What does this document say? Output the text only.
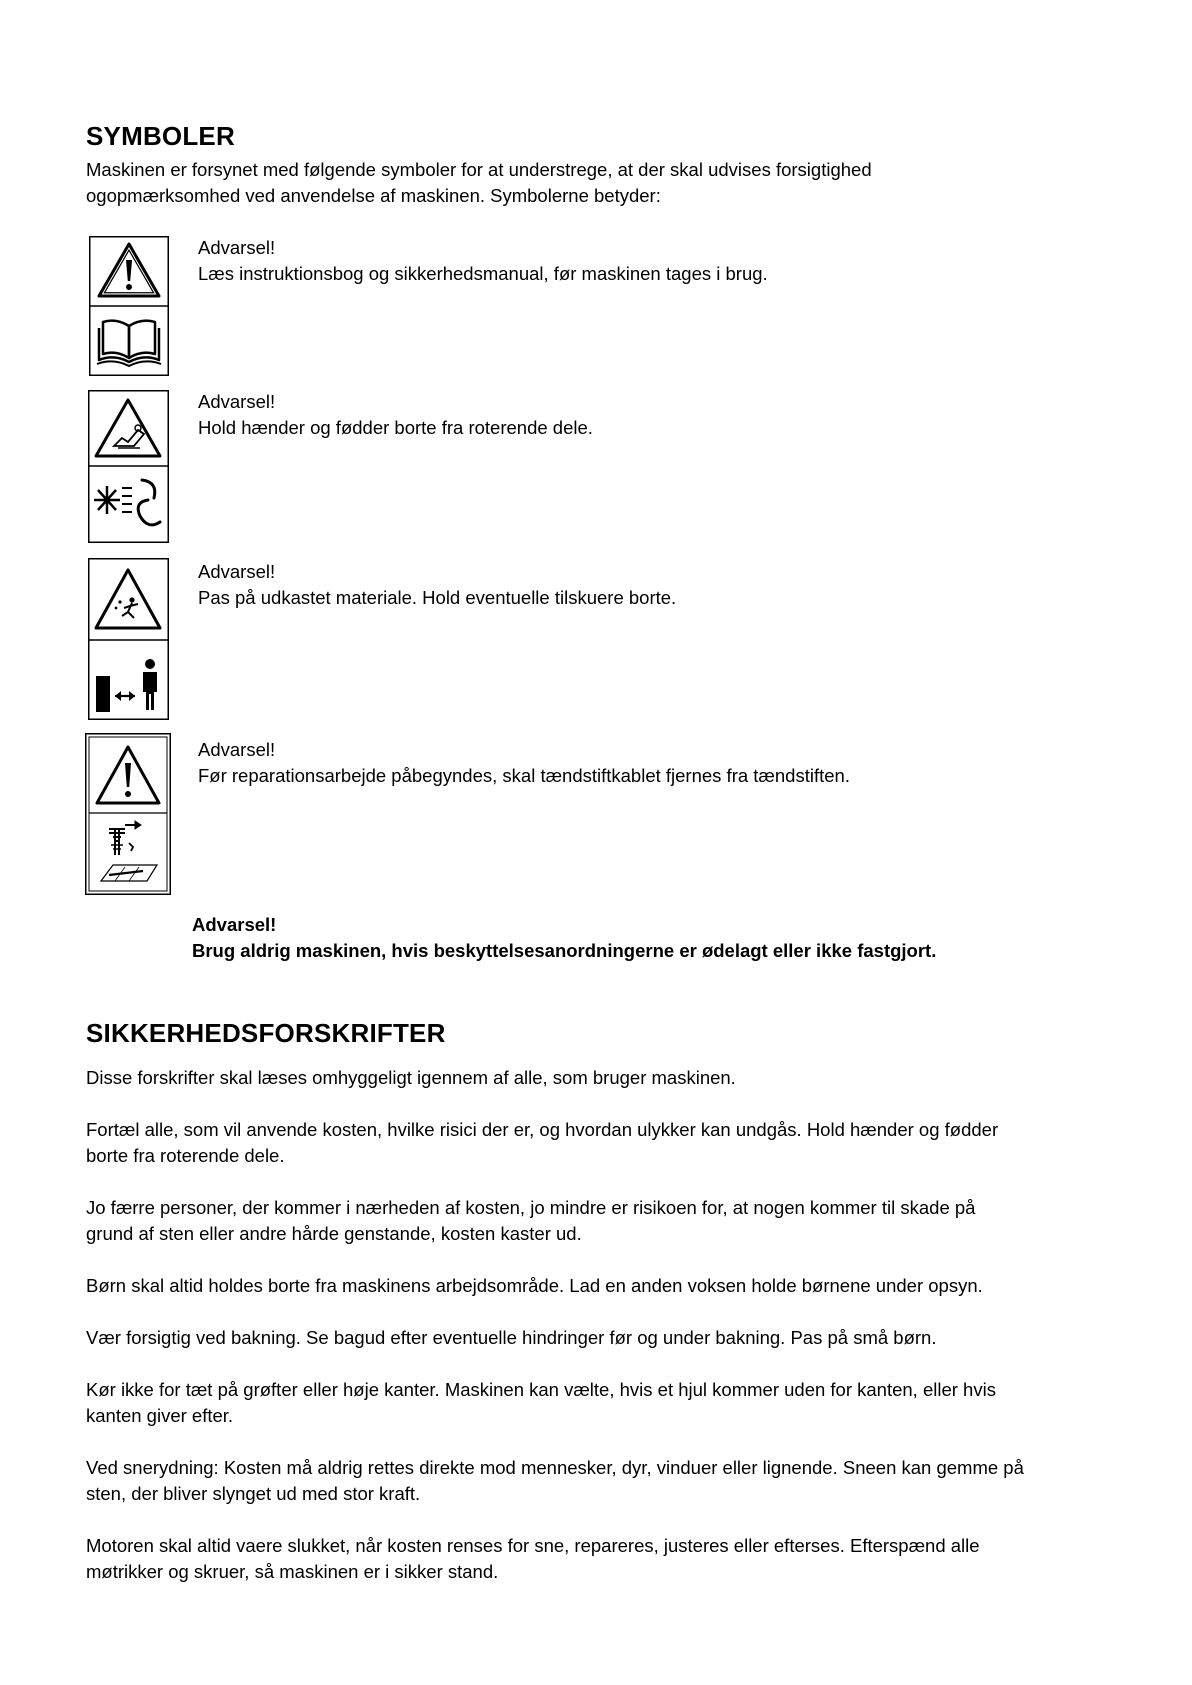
SYMBOLER
Maskinen er forsynet med følgende symboler for at understrege, at der skal udvises forsigtighed
ogopmærksomhed ved anvendelse af maskinen. Symbolerne betyder:
Advarsel!
Læs instruktionsbog og sikkerhedsmanual, før maskinen tages i brug.
Advarsel!
Hold hænder og fødder borte fra roterende dele.
Advarsel!
Pas på udkastet materiale. Hold eventuelle tilskuere borte.
Advarsel!
Før reparationsarbejde påbegyndes, skal tændstiftkablet fjernes fra tændstiften.
Advarsel!
Brug aldrig maskinen, hvis beskyttelsesanordningerne er ødelagt eller ikke fastgjort.
SIKKERHEDSFORSKRIFTER
Disse forskrifter skal læses omhyggeligt igennem af alle, som bruger maskinen.
Fortæl alle, som vil anvende kosten, hvilke risici der er, og hvordan ulykker kan undgås. Hold hænder og fødder
borte fra roterende dele.
Jo færre personer, der kommer i nærheden af kosten, jo mindre er risikoen for, at nogen kommer til skade på
grund af sten eller andre hårde genstande, kosten kaster ud.
Børn skal altid holdes borte fra maskinens arbejdsområde. Lad en anden voksen holde børnene under opsyn.
Vær forsigtig ved bakning. Se bagud efter eventuelle hindringer før og under bakning. Pas på små børn.
Kør ikke for tæt på grøfter eller høje kanter. Maskinen kan vælte, hvis et hjul kommer uden for kanten, eller hvis
kanten giver efter.
Ved snerydning: Kosten må aldrig rettes direkte mod mennesker, dyr, vinduer eller lignende. Sneen kan gemme på
sten, der bliver slynget ud med stor kraft.
Motoren skal altid vaere slukket, når kosten renses for sne, repareres, justeres eller efterses. Efterspænd alle
møtrikker og skruer, så maskinen er i sikker stand.
